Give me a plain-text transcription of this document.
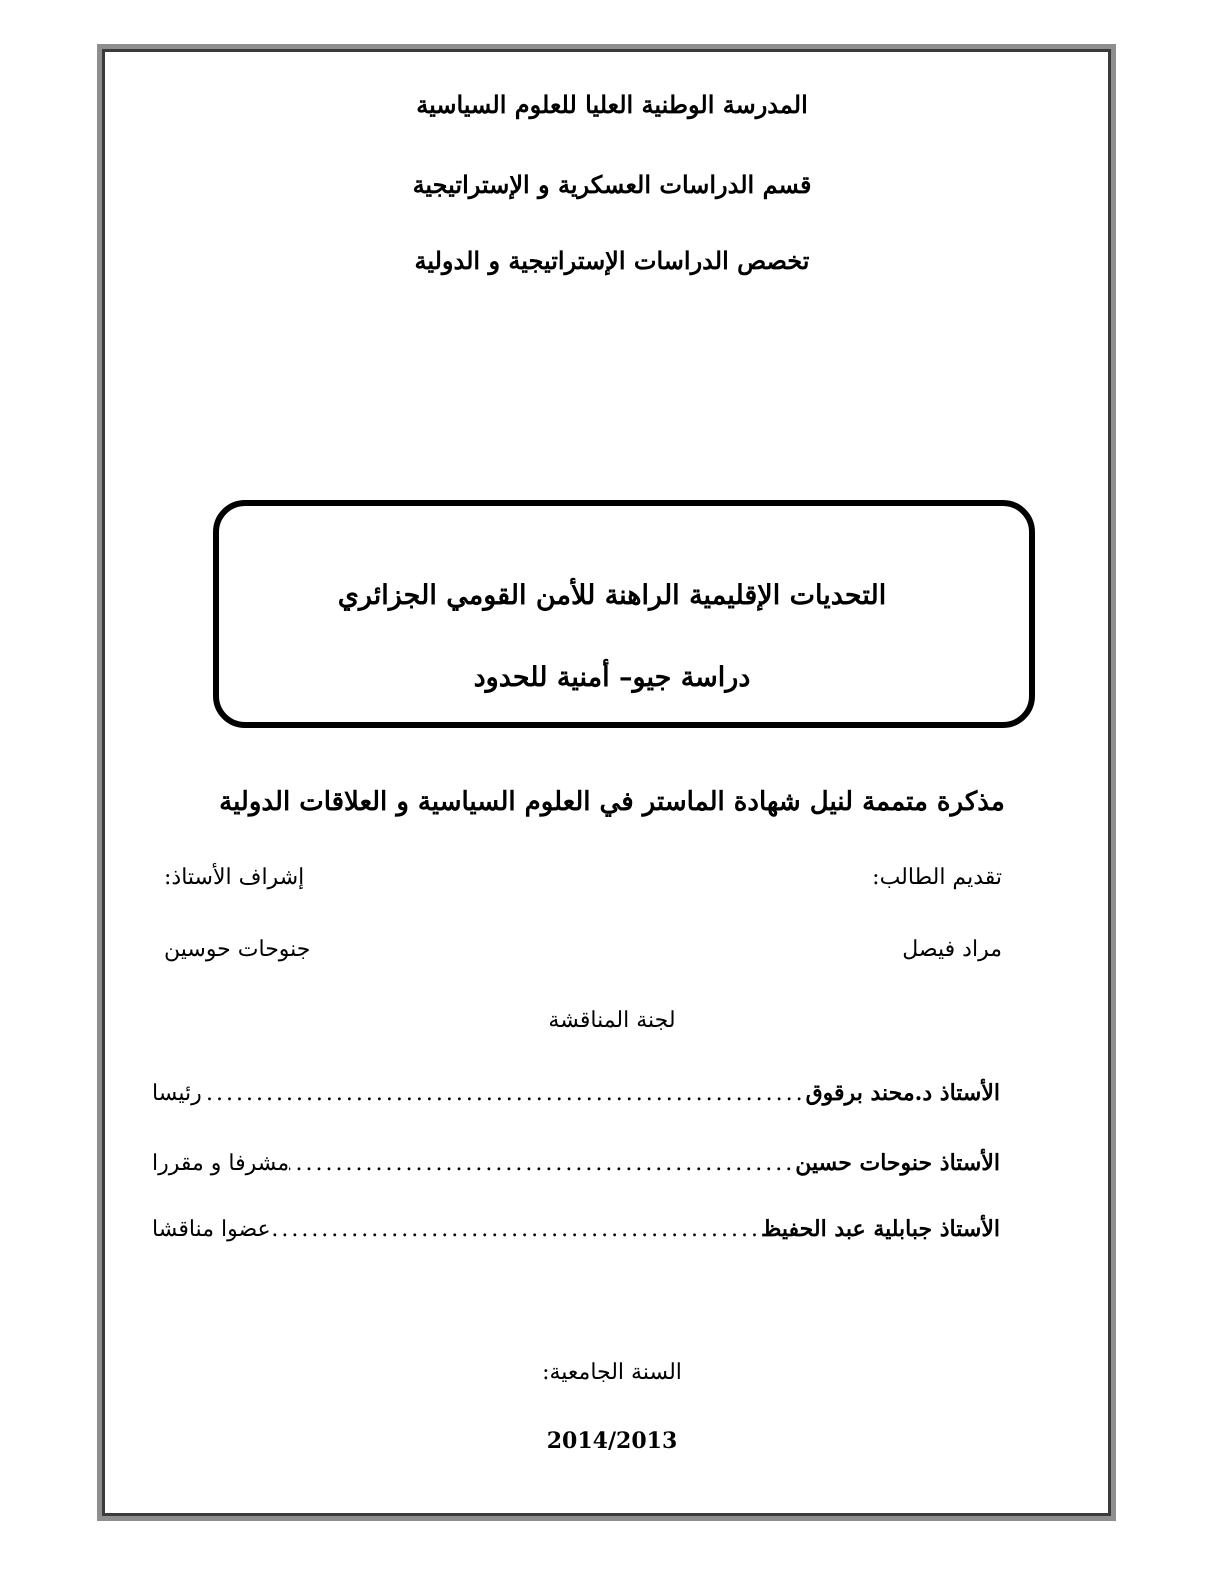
المدرسة الوطنية العليا للعلوم السياسية
قسم الدراسات العسكرية و الإستراتيجية
تخصص الدراسات الإستراتيجية و الدولية
التحديات الإقليمية الراهنة للأمن القومي الجزائري
دراسة جيو– أمنية للحدود
مذكرة متممة لنيل شهادة الماستر في العلوم السياسية و العلاقات الدولية
تقديم الطالب:
إشراف الأستاذ:
مراد فيصل
جنوحات حوسين
لجنة المناقشة
الأستاذ د.محند برقوق
.....
رئيسا
الأستاذ حنوحات حسين
.....
مشرفا و مقررا
الأستاذ جبابلية عبد الحفيظ
.....
عضوا مناقشا
السنة الجامعية:
2014/2013
